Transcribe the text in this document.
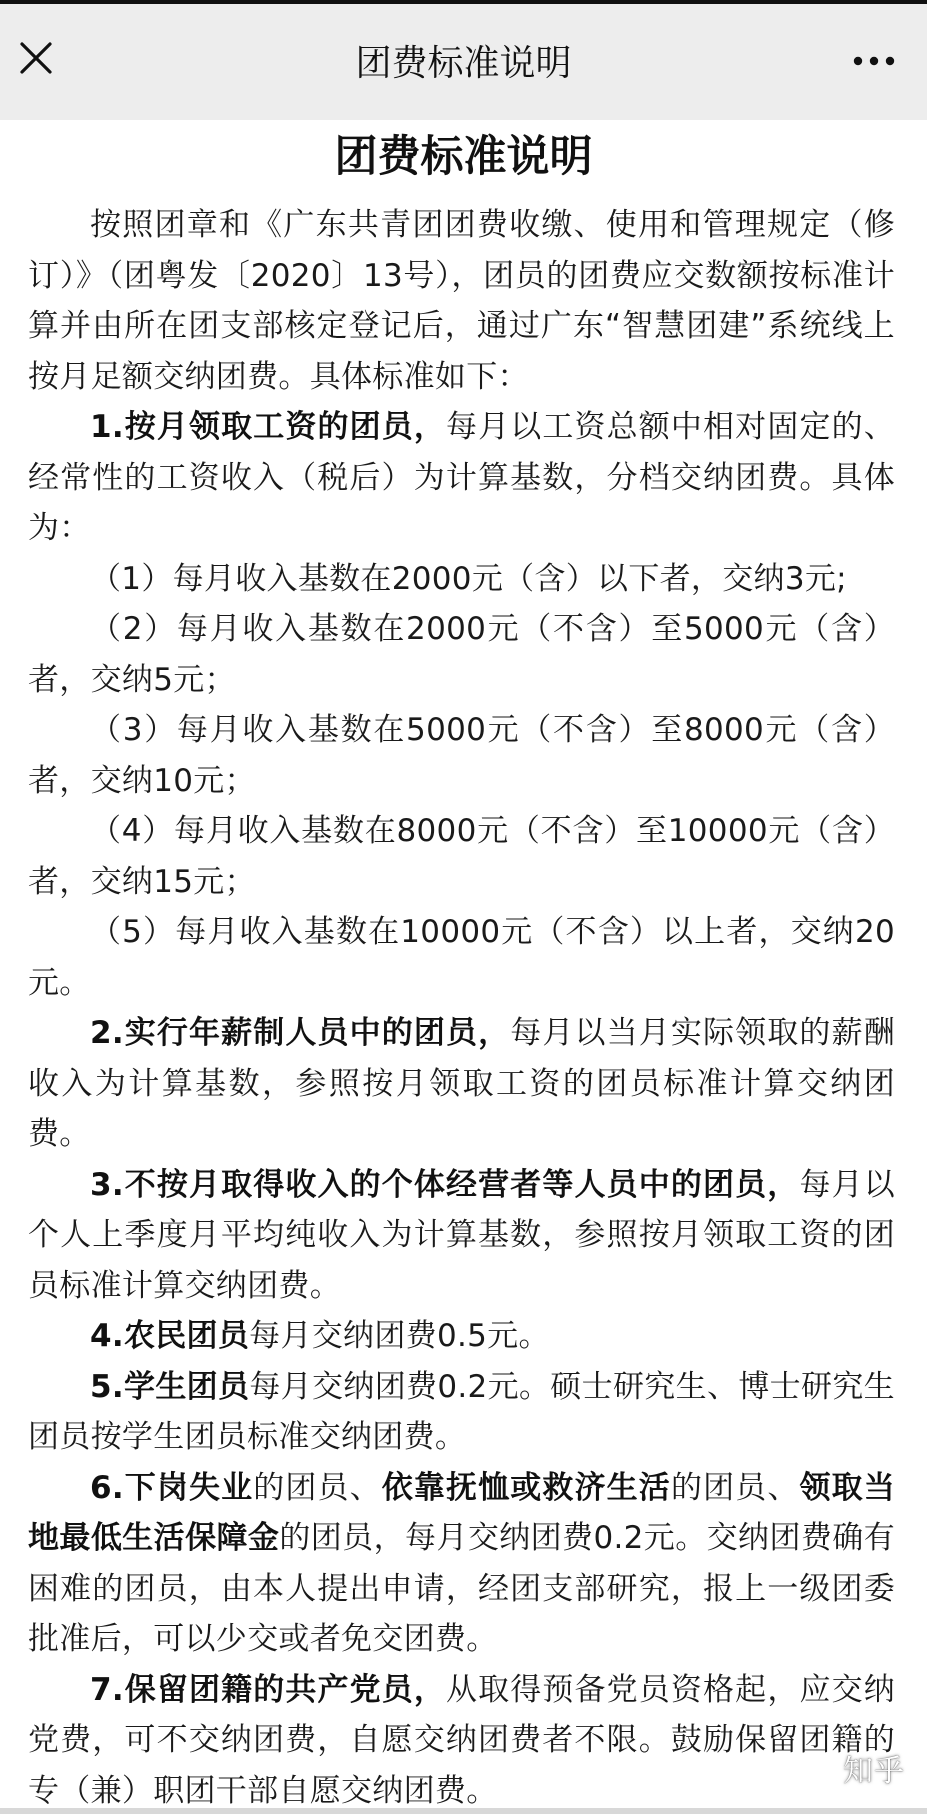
团费标准说明
团费标准说明

按照团章和《广东共青团团费收缴、使用和管理规定（修订）》（团粤发〔2020〕13号），团员的团费应交数额按标准计算并由所在团支部核定登记后，通过广东“智慧团建”系统线上按月足额交纳团费。具体标准如下：

1.按月领取工资的团员，每月以工资总额中相对固定的、经常性的工资收入（税后）为计算基数，分档交纳团费。具体为：

（1）每月收入基数在2000元（含）以下者，交纳3元;

（2）每月收入基数在2000元（不含）至5000元（含）者，交纳5元；

（3）每月收入基数在5000元（不含）至8000元（含）者，交纳10元；

（4）每月收入基数在8000元（不含）至10000元（含）者，交纳15元；

（5）每月收入基数在10000元（不含）以上者，交纳20元。

2.实行年薪制人员中的团员，每月以当月实际领取的薪酬收入为计算基数，参照按月领取工资的团员标准计算交纳团费。

3.不按月取得收入的个体经营者等人员中的团员，每月以个人上季度月平均纯收入为计算基数，参照按月领取工资的团员标准计算交纳团费。

4.农民团员每月交纳团费0.5元。

5.学生团员每月交纳团费0.2元。硕士研究生、博士研究生团员按学生团员标准交纳团费。

6.下岗失业的团员、依靠抚恤或救济生活的团员、领取当地最低生活保障金的团员，每月交纳团费0.2元。交纳团费确有困难的团员，由本人提出申请，经团支部研究，报上一级团委批准后，可以少交或者免交团费。

7.保留团籍的共产党员，从取得预备党员资格起，应交纳党费，可不交纳团费，自愿交纳团费者不限。鼓励保留团籍的专（兼）职团干部自愿交纳团费。

知乎
